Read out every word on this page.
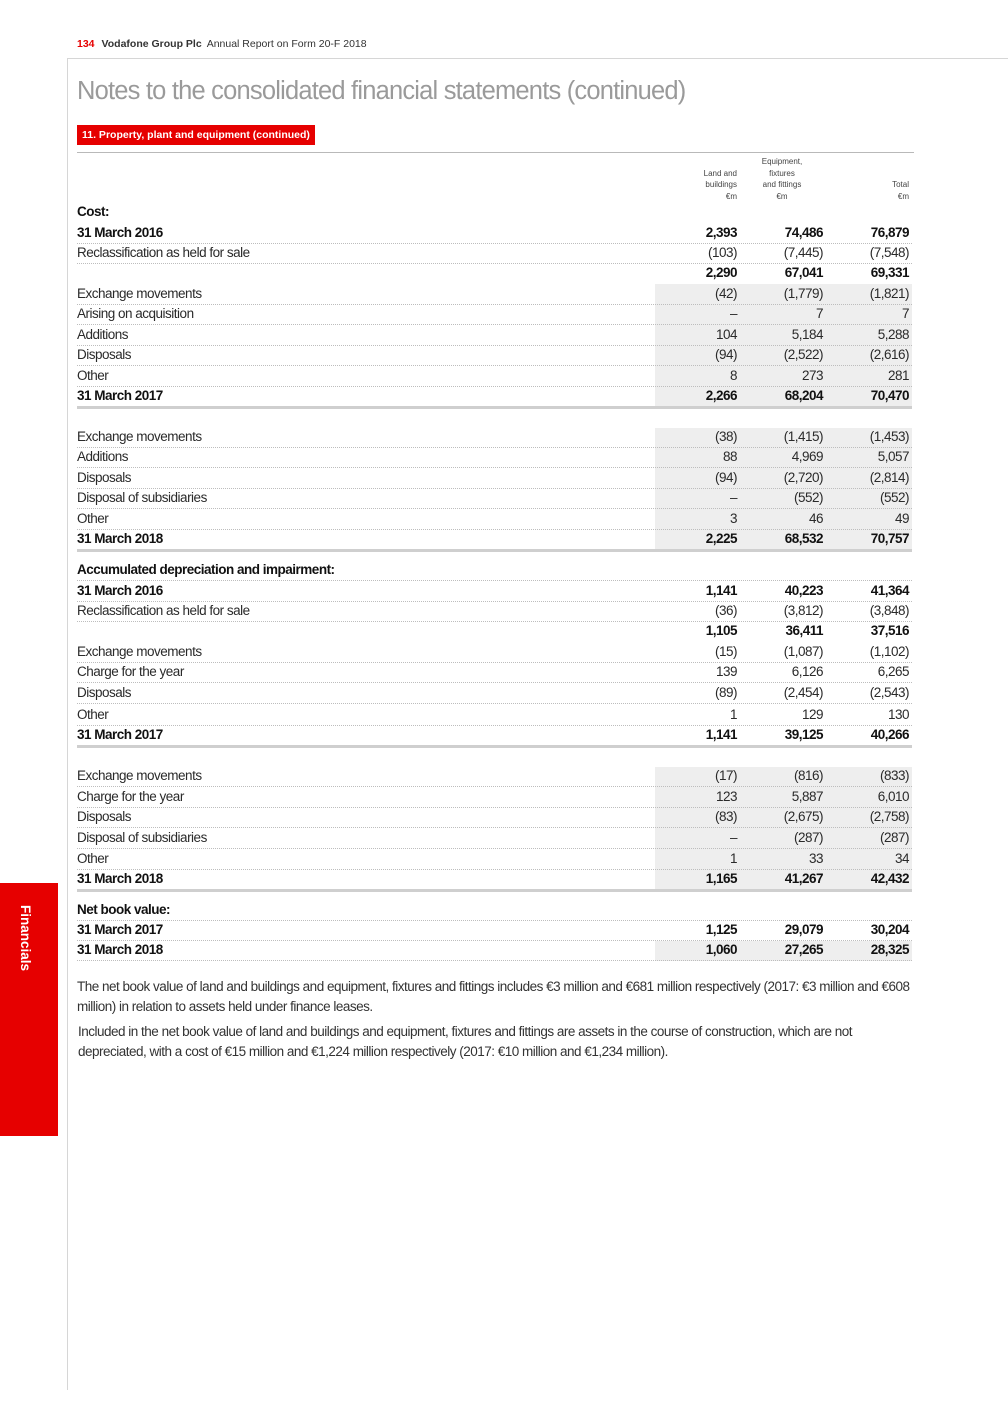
134 Vodafone Group Plc Annual Report on Form 20-F 2018
Notes to the consolidated financial statements (continued)
11. Property, plant and equipment (continued)
Land and
buildings
€m
Equipment,
fixtures
and fittings
€m
Total
€m
Cost:
31 March 2016	2,393	74,486	76,879
Reclassification as held for sale	(103)	(7,445)	(7,548)
2,290	67,041	69,331
Exchange movements	(42)	(1,779)	(1,821)
Arising on acquisition	–	7	7
Additions	104	5,184	5,288
Disposals	(94)	(2,522)	(2,616)
Other	8	273	281
31 March 2017	2,266	68,204	70,470
Exchange movements	(38)	(1,415)	(1,453)
Additions	88	4,969	5,057
Disposals	(94)	(2,720)	(2,814)
Disposal of subsidiaries	–	(552)	(552)
Other	3	46	49
31 March 2018	2,225	68,532	70,757
Accumulated depreciation and impairment:
31 March 2016	1,141	40,223	41,364
Reclassification as held for sale	(36)	(3,812)	(3,848)
1,105	36,411	37,516
Exchange movements	(15)	(1,087)	(1,102)
Charge for the year	139	6,126	6,265
Disposals	(89)	(2,454)	(2,543)
Other	1	129	130
31 March 2017	1,141	39,125	40,266
Exchange movements	(17)	(816)	(833)
Charge for the year	123	5,887	6,010
Disposals	(83)	(2,675)	(2,758)
Disposal of subsidiaries	–	(287)	(287)
Other	1	33	34
31 March 2018	1,165	41,267	42,432
Net book value:
31 March 2017	1,125	29,079	30,204
31 March 2018	1,060	27,265	28,325
The net book value of land and buildings and equipment, fixtures and fittings includes €3 million and €681 million respectively (2017: €3 million and €608 million) in relation to assets held under finance leases.
Included in the net book value of land and buildings and equipment, fixtures and fittings are assets in the course of construction, which are not depreciated, with a cost of €15 million and €1,224 million respectively (2017: €10 million and €1,234 million).
Financials
